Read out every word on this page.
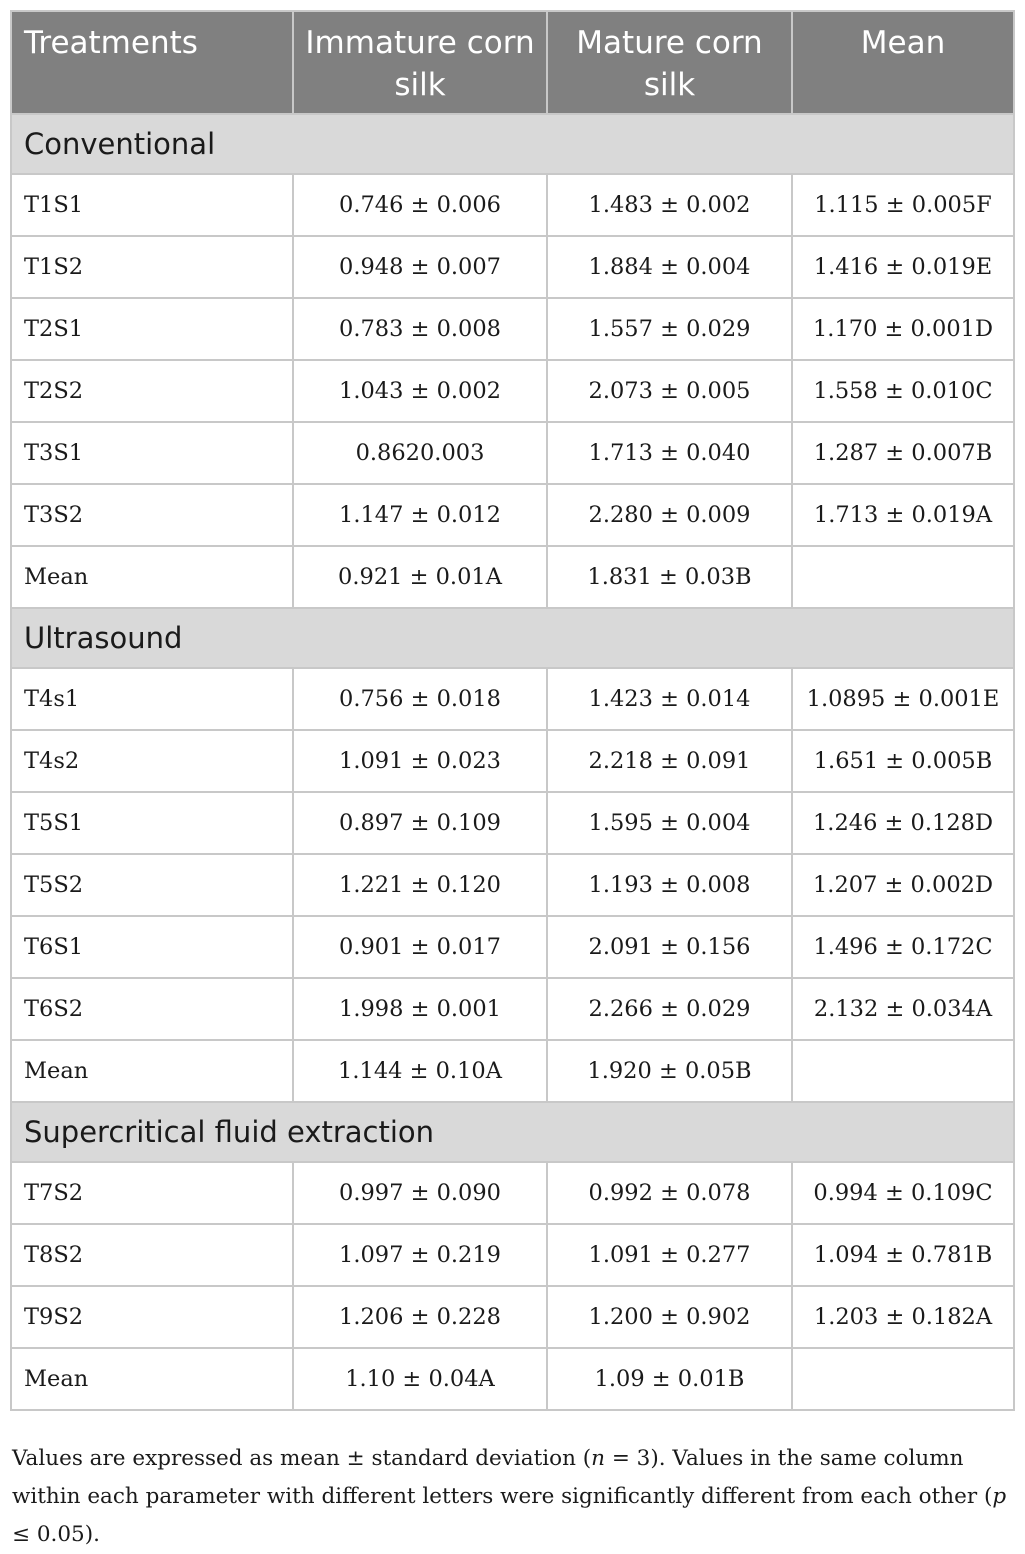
Treatments	Immature corn silk	Mature corn silk	Mean
Conventional			
T1S1	0.746 ± 0.006	1.483 ± 0.002	1.115 ± 0.005F
T1S2	0.948 ± 0.007	1.884 ± 0.004	1.416 ± 0.019E
T2S1	0.783 ± 0.008	1.557 ± 0.029	1.170 ± 0.001D
T2S2	1.043 ± 0.002	2.073 ± 0.005	1.558 ± 0.010C
T3S1	0.8620.003	1.713 ± 0.040	1.287 ± 0.007B
T3S2	1.147 ± 0.012	2.280 ± 0.009	1.713 ± 0.019A
Mean	0.921 ± 0.01A	1.831 ± 0.03B	
Ultrasound			
T4s1	0.756 ± 0.018	1.423 ± 0.014	1.0895 ± 0.001E
T4s2	1.091 ± 0.023	2.218 ± 0.091	1.651 ± 0.005B
T5S1	0.897 ± 0.109	1.595 ± 0.004	1.246 ± 0.128D
T5S2	1.221 ± 0.120	1.193 ± 0.008	1.207 ± 0.002D
T6S1	0.901 ± 0.017	2.091 ± 0.156	1.496 ± 0.172C
T6S2	1.998 ± 0.001	2.266 ± 0.029	2.132 ± 0.034A
Mean	1.144 ± 0.10A	1.920 ± 0.05B	
Supercritical fluid extraction			
T7S2	0.997 ± 0.090	0.992 ± 0.078	0.994 ± 0.109C
T8S2	1.097 ± 0.219	1.091 ± 0.277	1.094 ± 0.781B
T9S2	1.206 ± 0.228	1.200 ± 0.902	1.203 ± 0.182A
Mean	1.10 ± 0.04A	1.09 ± 0.01B	
Values are expressed as mean ± standard deviation (n = 3). Values in the same column within each parameter with different letters were significantly different from each other (p ≤ 0.05).
